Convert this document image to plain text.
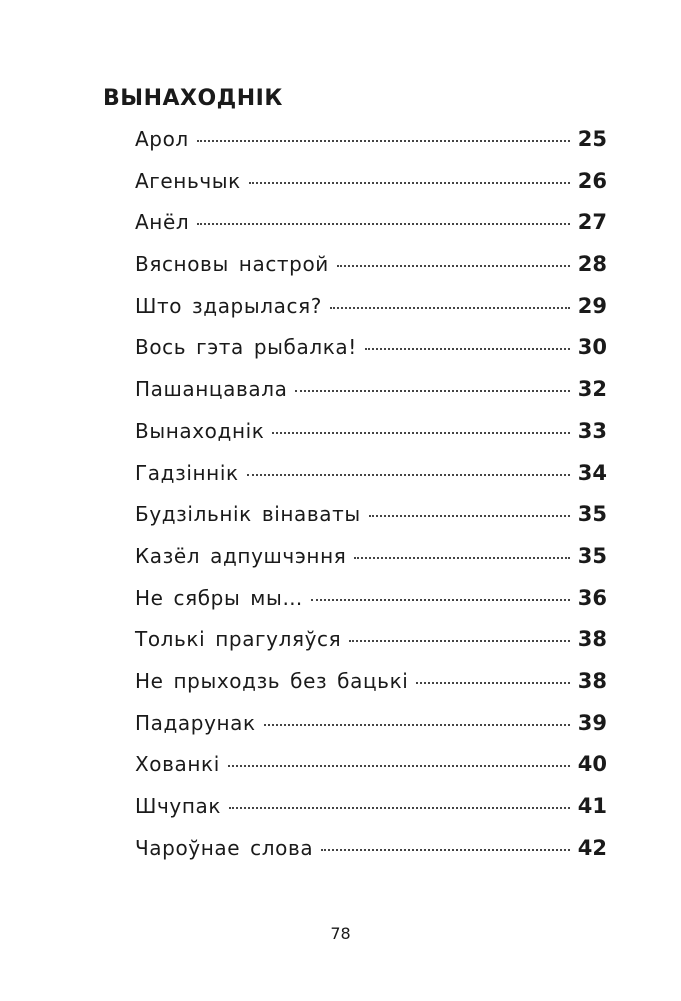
ВЫНАХОДНІК
Арол	25
Агеньчык	26
Анёл	27
Вясновы настрой	28
Што здарылася?	29
Вось гэта рыбалка!	30
Пашанцавала	32
Вынаходнік	33
Гадзіннік	34
Будзільнік вінаваты	35
Казёл адпушчэння	35
Не сябры мы…	36
Толькі прагуляўся	38
Не прыходзь без бацькі	38
Падарунак	39
Хованкі	40
Шчупак	41
Чароўнае слова	42
78
